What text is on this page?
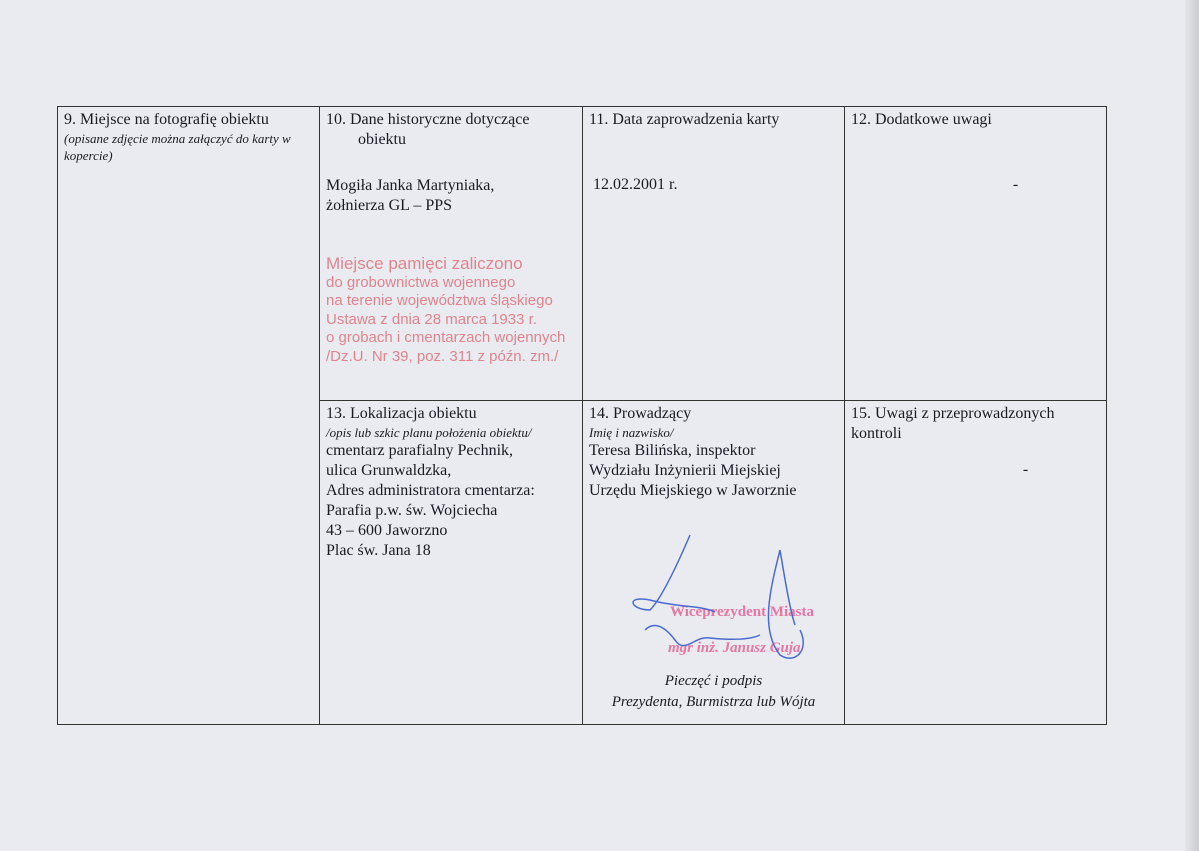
9. Miejsce na fotografię obiektu
(opisane zdjęcie można załączyć do karty w kopercie)
10. Dane historyczne dotyczące
obiektu
Mogiła Janka Martyniaka,
żołnierza GL – PPS
Miejsce pamięci zaliczono
do grobownictwa wojennego
na terenie województwa śląskiego
Ustawa z dnia 28 marca 1933 r.
o grobach i cmentarzach wojennych
/Dz.U. Nr 39, poz. 311 z późn. zm./
11. Data zaprowadzenia karty
12.02.2001 r.
12. Dodatkowe uwagi
-
13. Lokalizacja obiektu
/opis lub szkic planu położenia obiektu/
cmentarz parafialny Pechnik,
ulica Grunwaldzka,
Adres administratora cmentarza:
Parafia p.w. św. Wojciecha
43 – 600 Jaworzno
Plac św. Jana 18
14. Prowadzący
Imię i nazwisko/
Teresa Bilińska, inspektor
Wydziału Inżynierii Miejskiej
Urzędu Miejskiego w Jaworznie
Pieczęć i podpis
Prezydenta, Burmistrza lub Wójta
Wiceprezydent Miasta
mgr inż. Janusz Guja
15. Uwagi z przeprowadzonych kontroli
-
